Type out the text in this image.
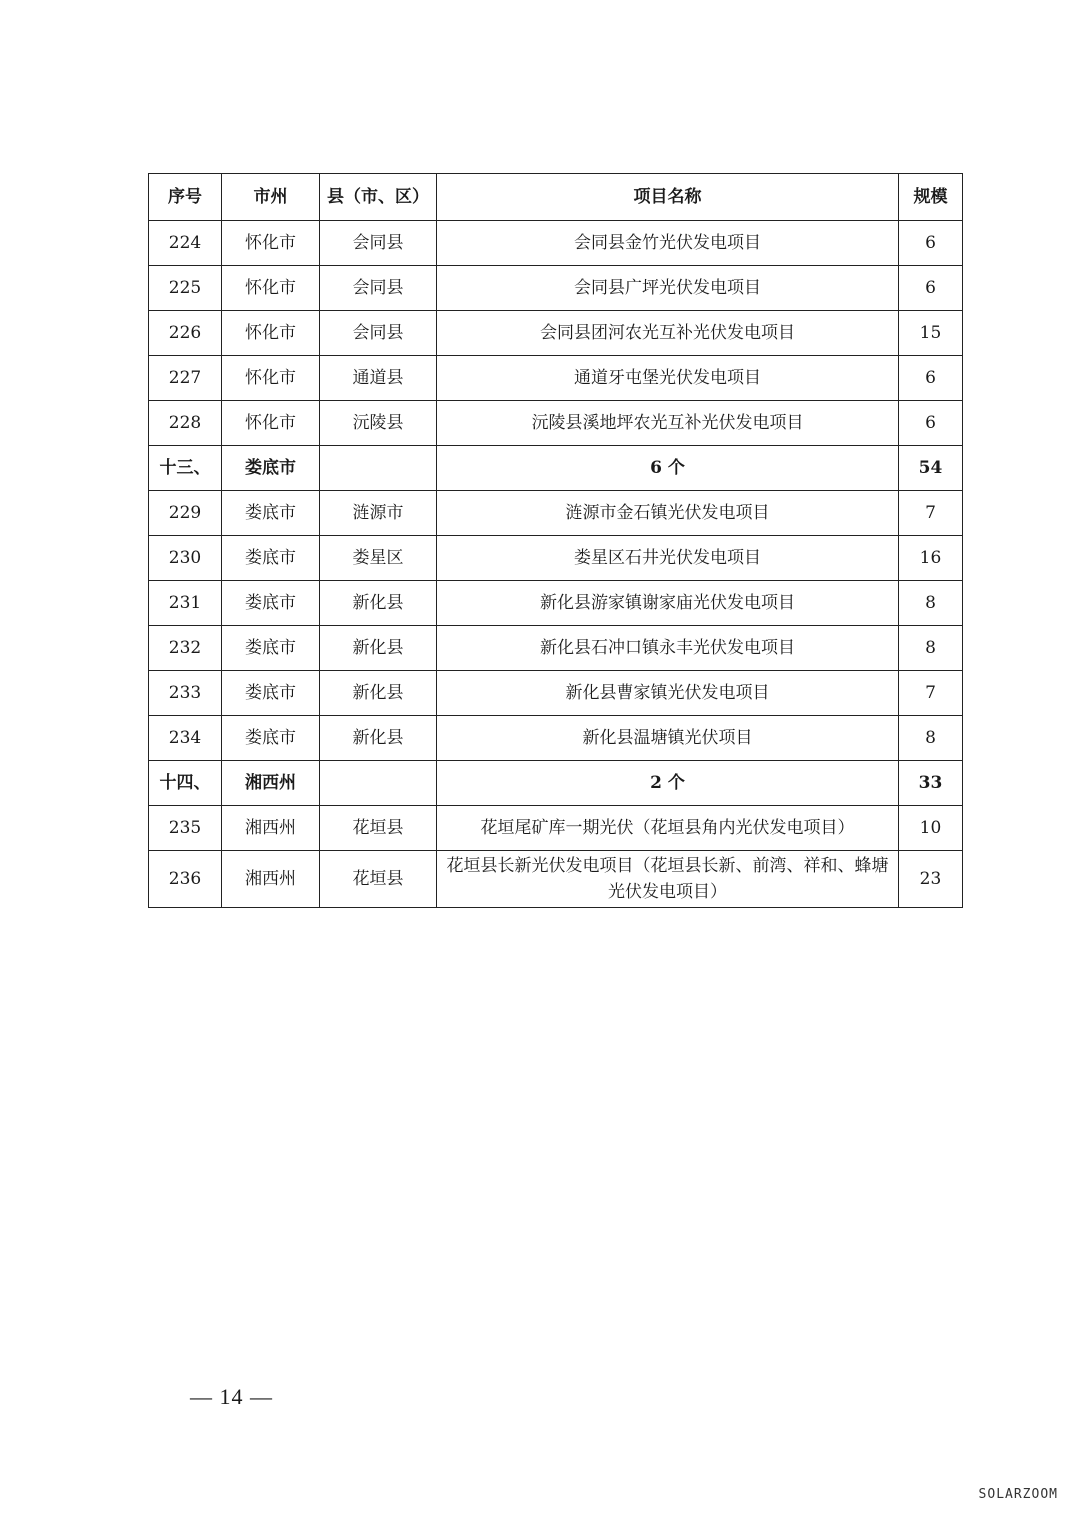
序号	市州	县（市、区）	项目名称	规模
224	怀化市	会同县	会同县金竹光伏发电项目	6
225	怀化市	会同县	会同县广坪光伏发电项目	6
226	怀化市	会同县	会同县团河农光互补光伏发电项目	15
227	怀化市	通道县	通道牙屯堡光伏发电项目	6
228	怀化市	沅陵县	沅陵县溪地坪农光互补光伏发电项目	6
十三、	娄底市		6 个	54
229	娄底市	涟源市	涟源市金石镇光伏发电项目	7
230	娄底市	娄星区	娄星区石井光伏发电项目	16
231	娄底市	新化县	新化县游家镇谢家庙光伏发电项目	8
232	娄底市	新化县	新化县石冲口镇永丰光伏发电项目	8
233	娄底市	新化县	新化县曹家镇光伏发电项目	7
234	娄底市	新化县	新化县温塘镇光伏项目	8
十四、	湘西州		2 个	33
235	湘西州	花垣县	花垣尾矿库一期光伏（花垣县角内光伏发电项目）	10
236	湘西州	花垣县	花垣县长新光伏发电项目（花垣县长新、前湾、祥和、蜂塘光伏发电项目）	23
— 14 —
SOLARZOOM
